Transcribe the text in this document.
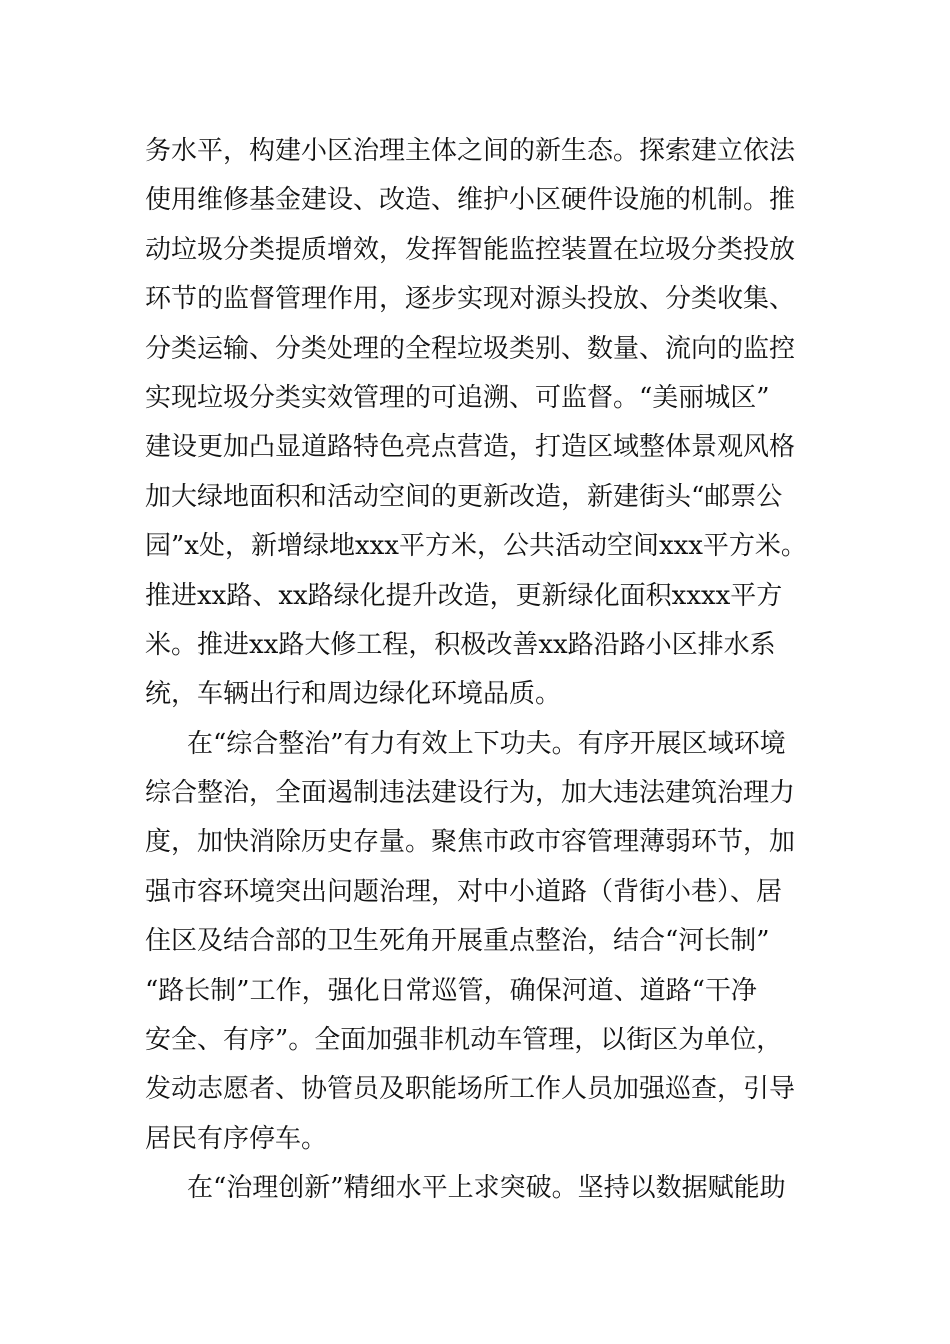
务水平，构建小区治理主体之间的新生态。探索建立依法
使用维修基金建设、改造、维护小区硬件设施的机制。推
动垃圾分类提质增效，发挥智能监控装置在垃圾分类投放
环节的监督管理作用，逐步实现对源头投放、分类收集、
分类运输、分类处理的全程垃圾类别、数量、流向的监控
实现垃圾分类实效管理的可追溯、可监督。“美丽城区”
建设更加凸显道路特色亮点营造，打造区域整体景观风格
加大绿地面积和活动空间的更新改造，新建街头“邮票公
园”x处，新增绿地xxx平方米，公共活动空间xxx平方米。
推进xx路、xx路绿化提升改造，更新绿化面积xxxx平方
米。推进xx路大修工程，积极改善xx路沿路小区排水系
统，车辆出行和周边绿化环境品质。
在“综合整治”有力有效上下功夫。有序开展区域环境
综合整治，全面遏制违法建设行为，加大违法建筑治理力
度，加快消除历史存量。聚焦市政市容管理薄弱环节，加
强市容环境突出问题治理，对中小道路（背街小巷）、居
住区及结合部的卫生死角开展重点整治，结合“河长制”
“路长制”工作，强化日常巡管，确保河道、道路“干净
安全、有序”。全面加强非机动车管理，以街区为单位，
发动志愿者、协管员及职能场所工作人员加强巡查，引导
居民有序停车。
在“治理创新”精细水平上求突破。坚持以数据赋能助
